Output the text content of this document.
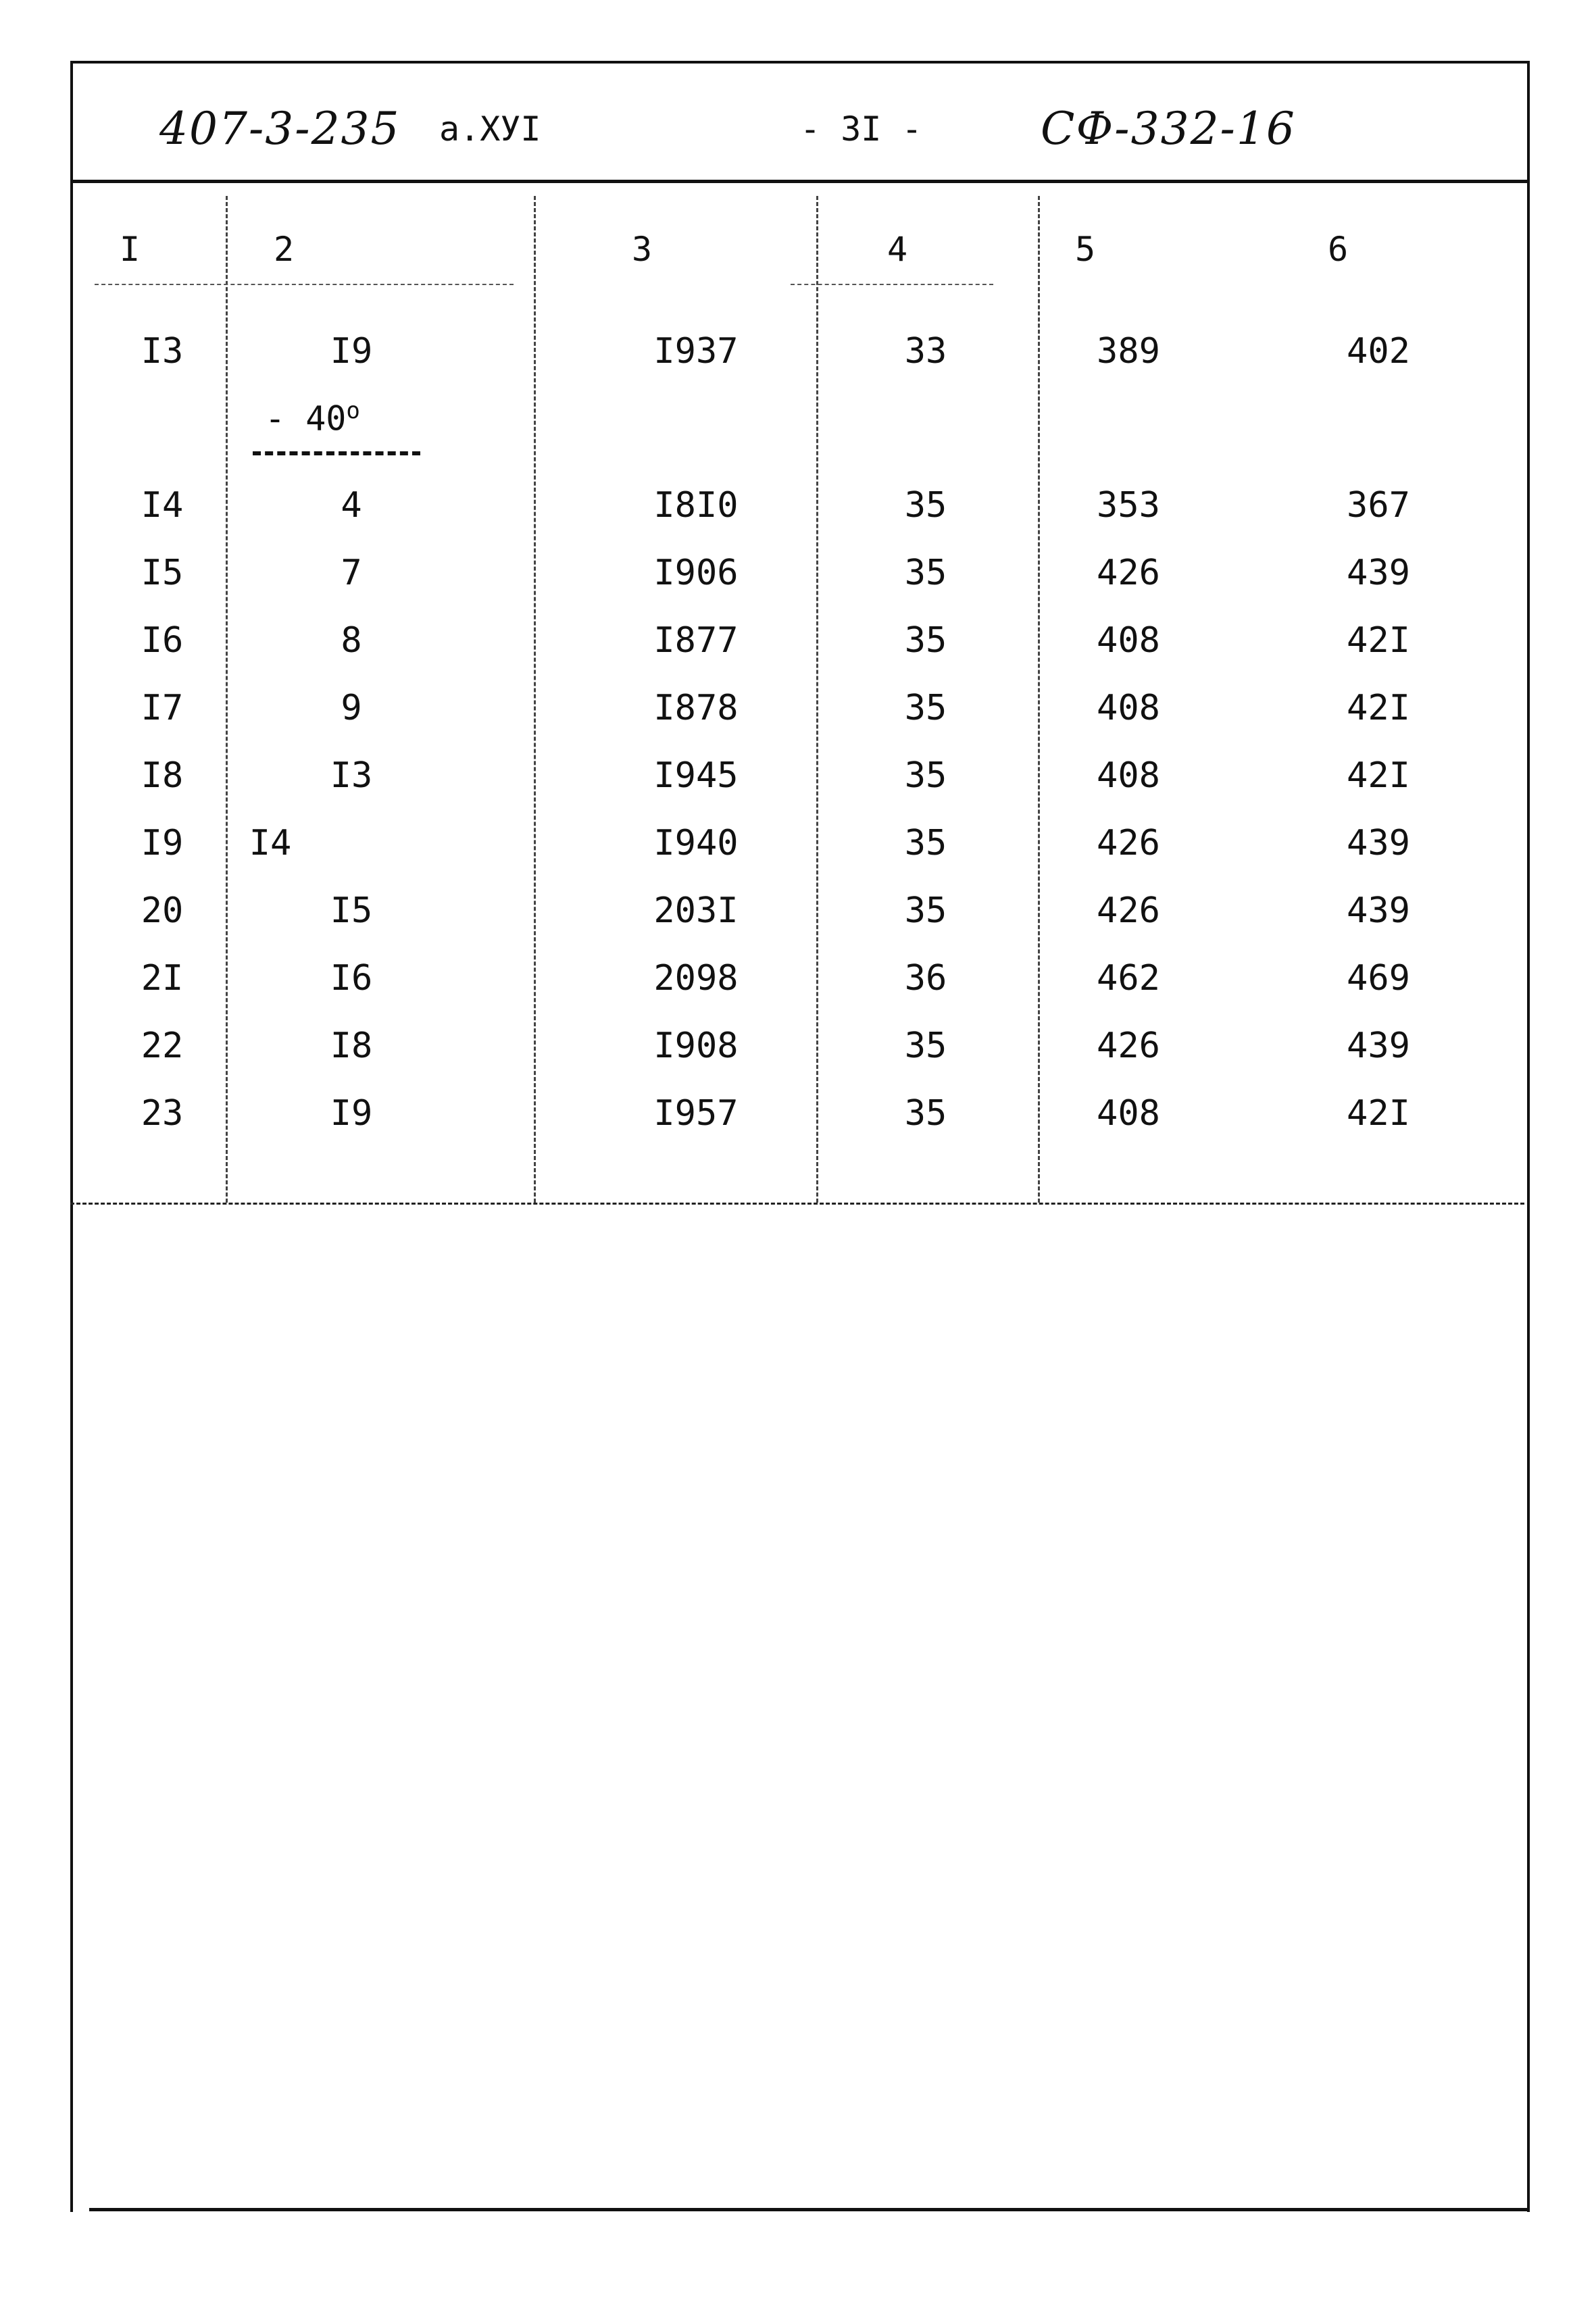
407-3-235 а.ХУI	- 3I -	СФ-332-16
I	2	3	4	5	6
I3	I9	I937	33	389	402
I4	4	I8I0	35	353	367
I5	7	I906	35	426	439
I6	8	I877	35	408	42I
I7	9	I878	35	408	42I
I8	I3	I945	35	408	42I
I9	I4	I940	35	426	439
20	I5	203I	35	426	439
2I	I6	2098	36	462	469
22	I8	I908	35	426	439
23	I9	I957	35	408	42I
- 40$^o$
